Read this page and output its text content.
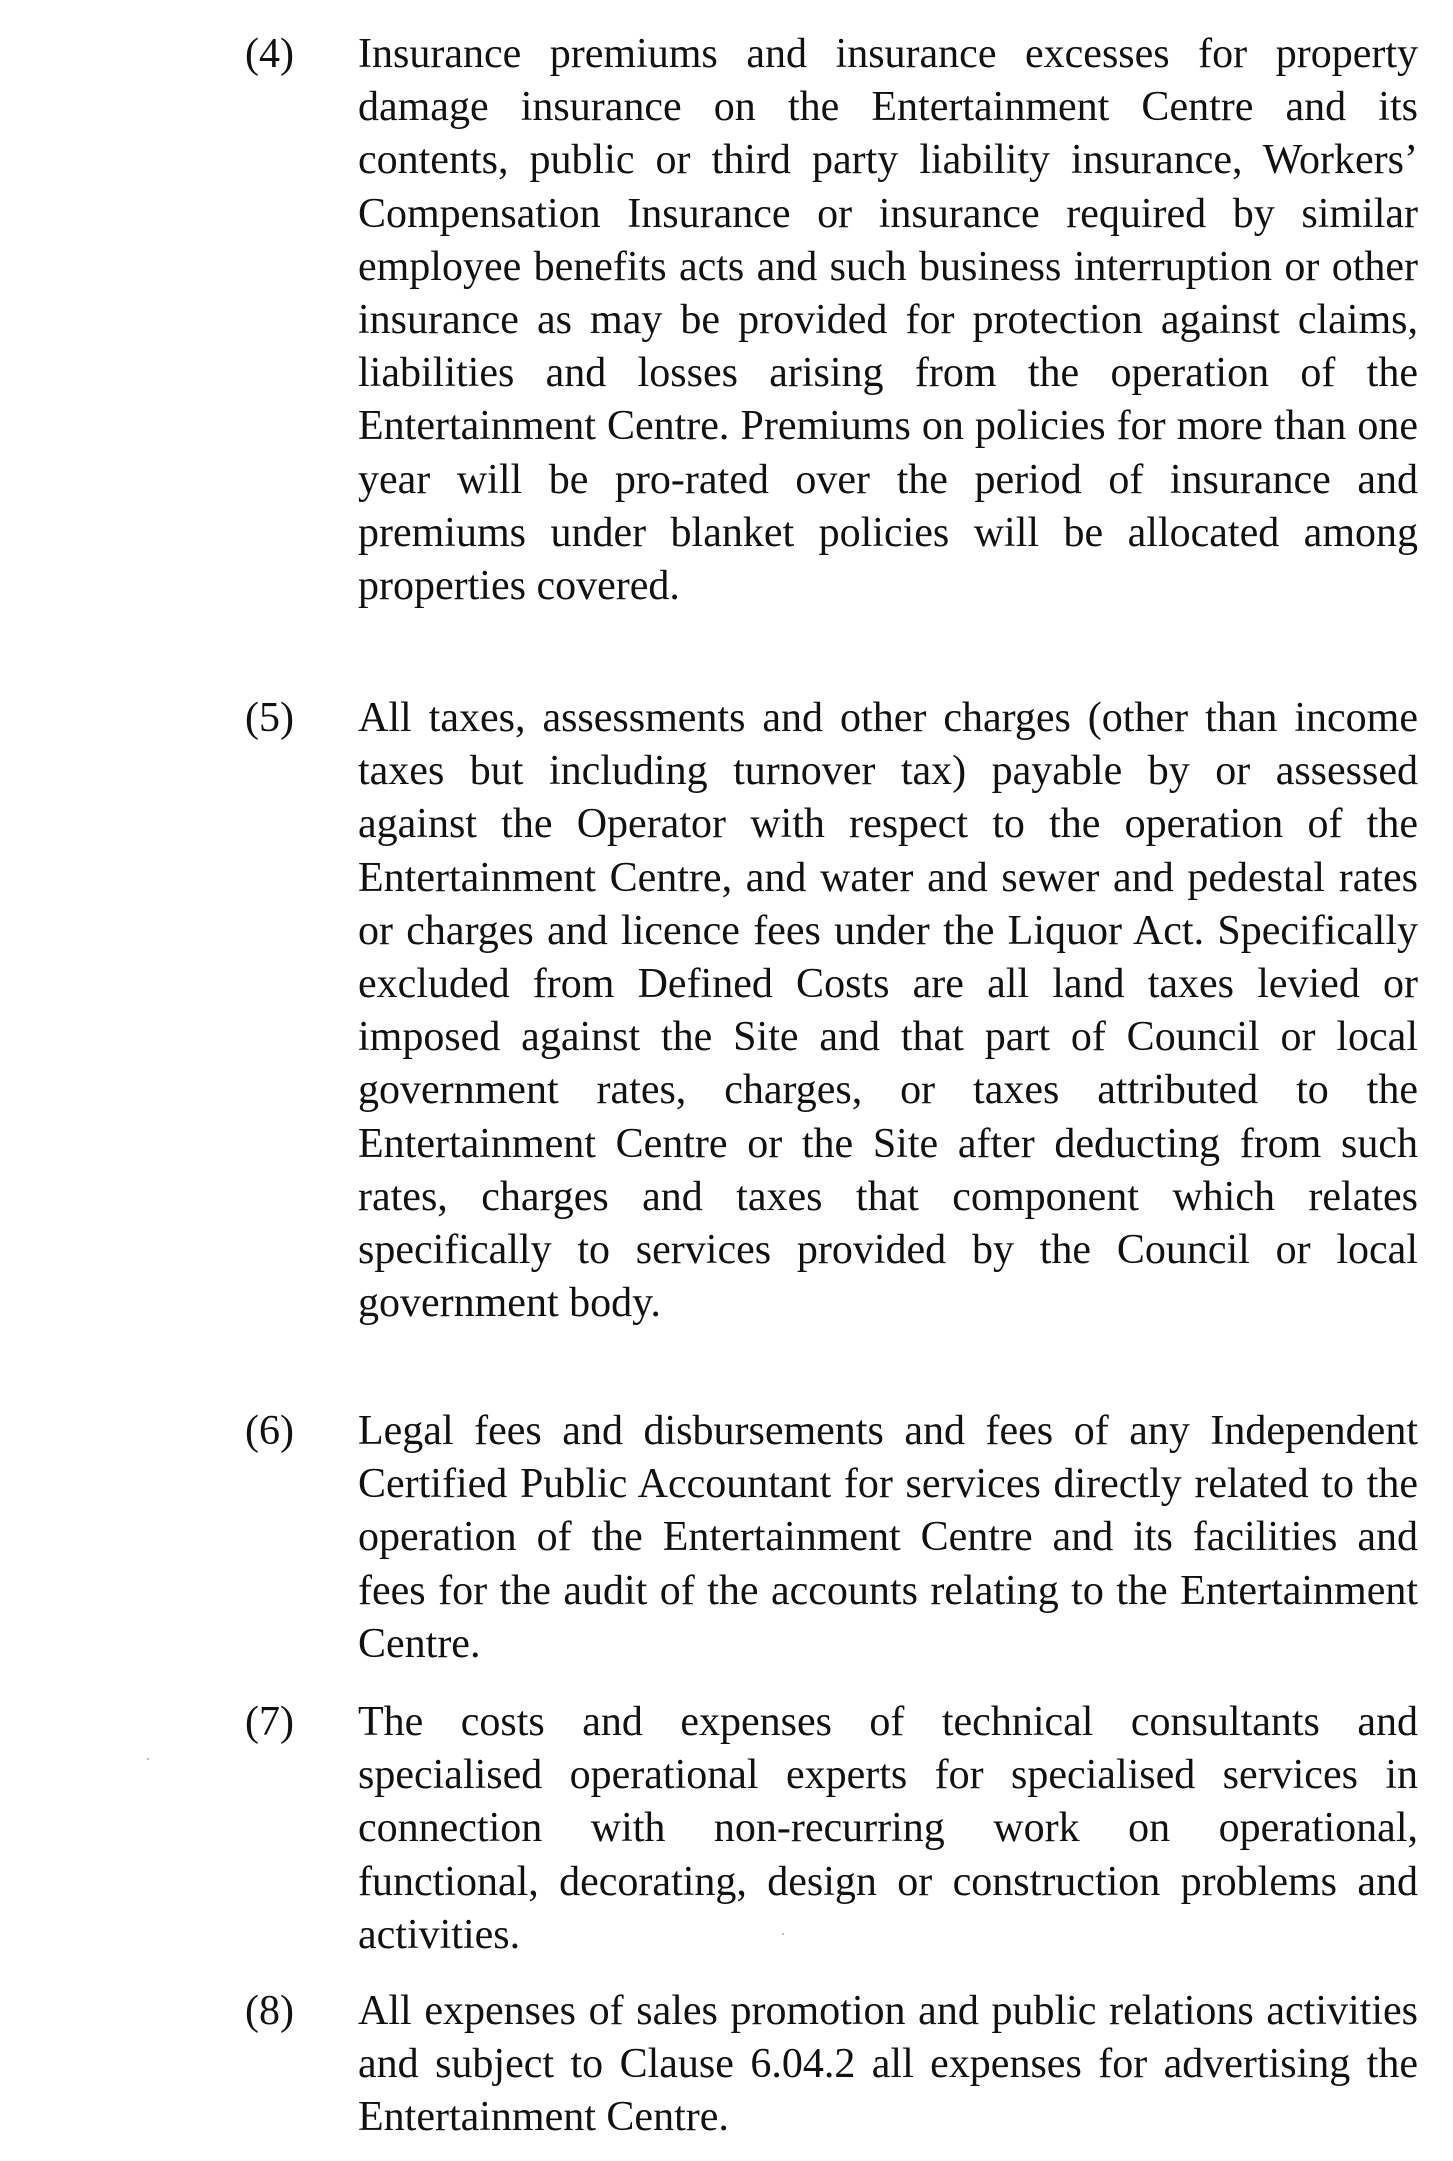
(4) Insurance premiums and insurance excesses for property damage insurance on the Entertainment Centre and its contents, public or third party liability insurance, Workers’ Compensation Insurance or insurance required by similar employee benefits acts and such business interruption or other insurance as may be provided for protection against claims, liabilities and losses arising from the operation of the Entertainment Centre. Premiums on policies for more than one year will be pro-rated over the period of insurance and premiums under blanket policies will be allocated among properties covered.
(5) All taxes, assessments and other charges (other than income taxes but including turnover tax) payable by or assessed against the Operator with respect to the operation of the Entertainment Centre, and water and sewer and pedestal rates or charges and licence fees under the Liquor Act. Specifically excluded from Defined Costs are all land taxes levied or imposed against the Site and that part of Council or local government rates, charges, or taxes attributed to the Entertainment Centre or the Site after deducting from such rates, charges and taxes that component which relates specifically to services provided by the Council or local government body.
(6) Legal fees and disbursements and fees of any Independent Certified Public Accountant for services directly related to the operation of the Entertainment Centre and its facilities and fees for the audit of the accounts relating to the Entertainment Centre.
(7) The costs and expenses of technical consultants and specialised operational experts for specialised services in connection with non-recurring work on operational, functional, decorating, design or construction problems and activities.
(8) All expenses of sales promotion and public relations activities and subject to Clause 6.04.2 all expenses for advertising the Entertainment Centre.
